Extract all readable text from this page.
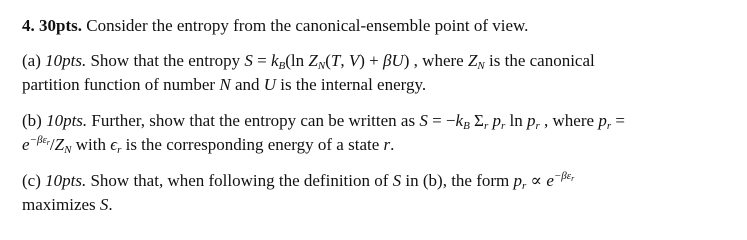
4. 30pts. Consider the entropy from the canonical-ensemble point of view.
(a) 10pts. Show that the entropy $S = k_B(\ln$ $Z_N(T$, V) + βU) , where $Z_N$ is the canonical
partition function of number N and U is the internal energy.
(b) 10pts. Further, show that the entropy can be written as $S = -k_B$ $\Sigma_r$ $p_r$ $\ln p_r$ , where $p_r$ =
$e^{-\beta\varepsilon_r}/Z_N$ with $\epsilon_r$ is the corresponding energy of a state r.
(c) 10pts. Show that, when following the definition of S in (b), the form $p_r \propto e^{-\beta\varepsilon_r}$
maximizes S.
